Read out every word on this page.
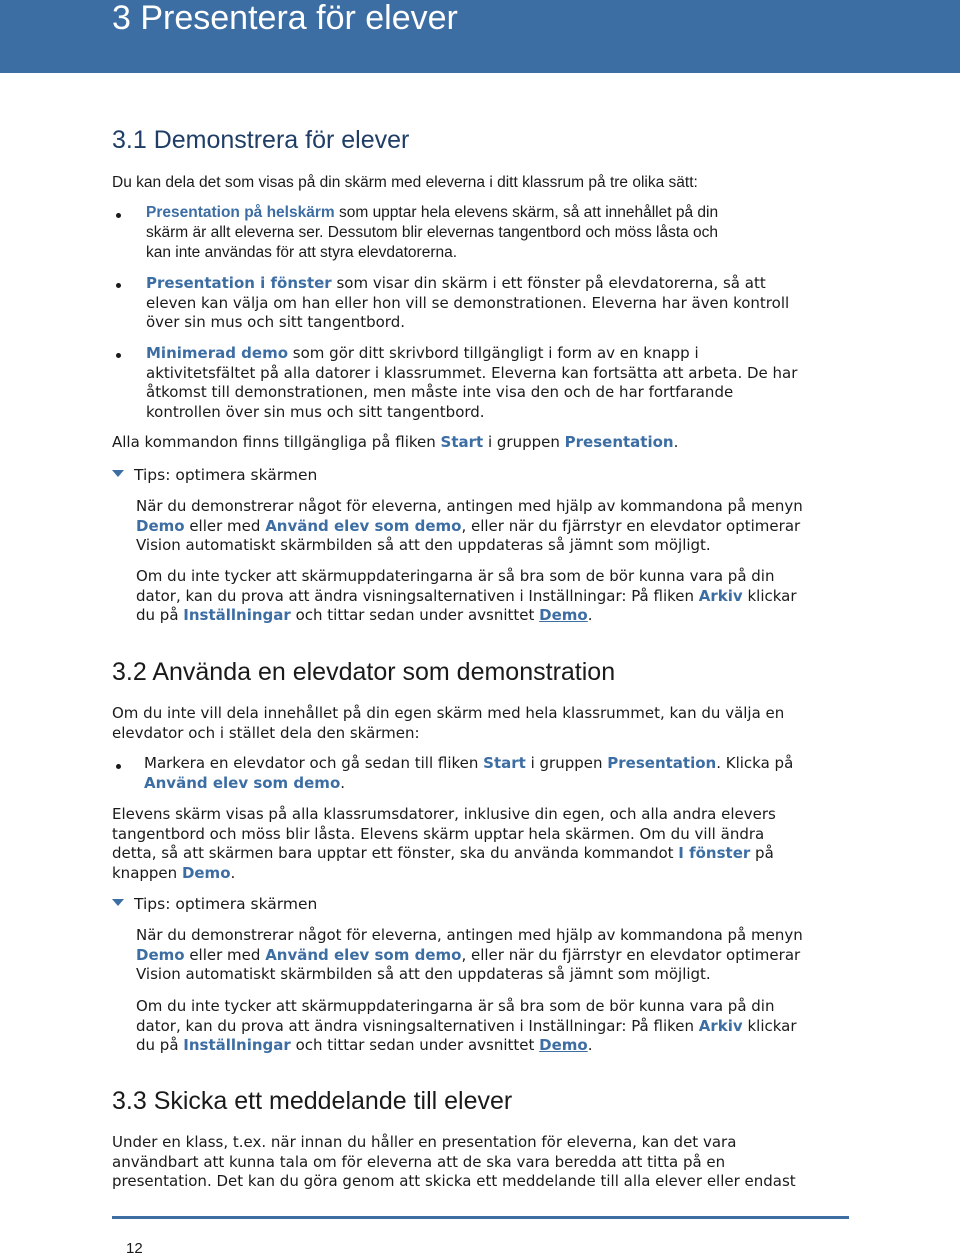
3 Presentera för elever
3.1 Demonstrera för elever

Du kan dela det som visas på din skärm med eleverna i ditt klassrum på tre olika sätt:

Presentation på helskärm som upptar hela elevens skärm, så att innehållet på din
skärm är allt eleverna ser. Dessutom blir elevernas tangentbord och möss låsta och
kan inte användas för att styra elevdatorerna.
Presentation i fönster som visar din skärm i ett fönster på elevdatorerna, så att
eleven kan välja om han eller hon vill se demonstrationen. Eleverna har även kontroll
över sin mus och sitt tangentbord.
Minimerad demo som gör ditt skrivbord tillgängligt i form av en knapp i
aktivitetsfältet på alla datorer i klassrummet. Eleverna kan fortsätta att arbeta. De har
åtkomst till demonstrationen, men måste inte visa den och de har fortfarande
kontrollen över sin mus och sitt tangentbord.

Alla kommandon finns tillgängliga på fliken Start i gruppen Presentation.

Tips: optimera skärmen
När du demonstrerar något för eleverna, antingen med hjälp av kommandona på menyn
Demo eller med Använd elev som demo, eller när du fjärrstyr en elevdator optimerar
Vision automatiskt skärmbilden så att den uppdateras så jämnt som möjligt.
Om du inte tycker att skärmuppdateringarna är så bra som de bör kunna vara på din
dator, kan du prova att ändra visningsalternativen i Inställningar: På fliken Arkiv klickar
du på Inställningar och tittar sedan under avsnittet Demo.
3.2 Använda en elevdator som demonstration
Om du inte vill dela innehållet på din egen skärm med hela klassrummet, kan du välja en
elevdator och i stället dela den skärmen:
Markera en elevdator och gå sedan till fliken Start i gruppen Presentation. Klicka på
Använd elev som demo.
Elevens skärm visas på alla klassrumsdatorer, inklusive din egen, och alla andra elevers
tangentbord och möss blir låsta. Elevens skärm upptar hela skärmen. Om du vill ändra
detta, så att skärmen bara upptar ett fönster, ska du använda kommandot I fönster på
knappen Demo.
Tips: optimera skärmen
När du demonstrerar något för eleverna, antingen med hjälp av kommandona på menyn
Demo eller med Använd elev som demo, eller när du fjärrstyr en elevdator optimerar
Vision automatiskt skärmbilden så att den uppdateras så jämnt som möjligt.
Om du inte tycker att skärmuppdateringarna är så bra som de bör kunna vara på din
dator, kan du prova att ändra visningsalternativen i Inställningar: På fliken Arkiv klickar
du på Inställningar och tittar sedan under avsnittet Demo.
3.3 Skicka ett meddelande till elever
Under en klass, t.ex. när innan du håller en presentation för eleverna, kan det vara
användbart att kunna tala om för eleverna att de ska vara beredda att titta på en
presentation. Det kan du göra genom att skicka ett meddelande till alla elever eller endast
12
